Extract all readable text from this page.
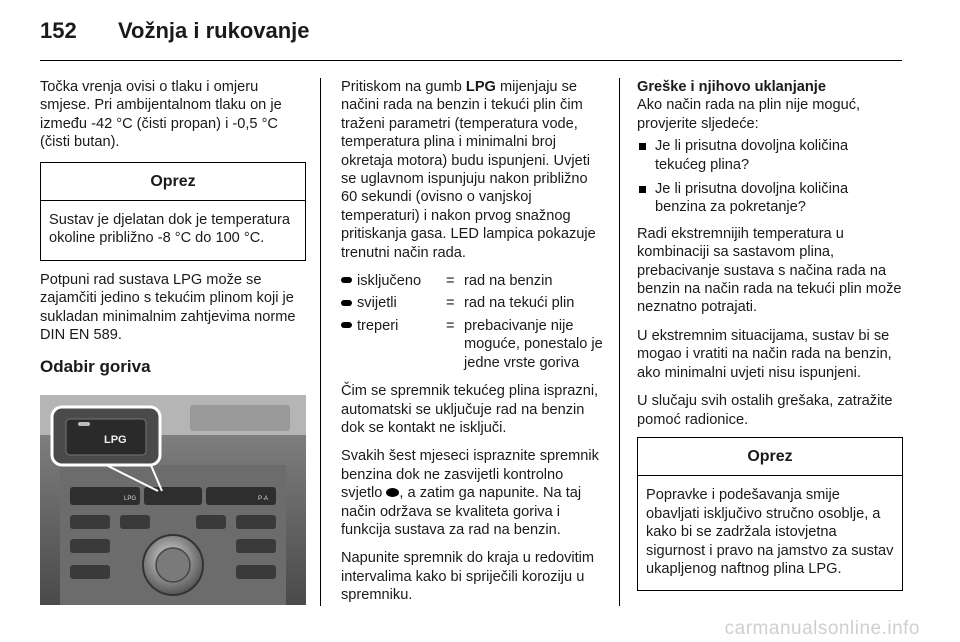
152 Vožnja i rukovanje

Točka vrenja ovisi o tlaku i omjeru smjese. Pri ambijentalnom tlaku on je između -42 °C (čisti propan) i -0,5 °C (čisti butan).

Oprez
Sustav je djelatan dok je temperatura okoline približno -8 °C do 100 °C.

Potpuni rad sustava LPG može se zajamčiti jedino s tekućim plinom koji je sukladan minimalnim zahtjevima norme DIN EN 589.

Odabir goriva
LPG	P·A
LPG

Pritiskom na gumb LPG mijenjaju se načini rada na benzin i tekući plin čim traženi parametri (temperatura vode, temperatura plina i minimalni broj okretaja motora) budu ispunjeni. Uvjeti se uglavnom ispunjuju nakon približno 60 sekundi (ovisno o vanjskoj temperaturi) i nakon prvog snažnog pritiskanja gasa. LED lampica pokazuje trenutni način rada.

isključeno	=	rad na benzin
svijetli	=	rad na tekući plin
treperi	=	prebacivanje nije moguće, ponestalo je jedne vrste goriva

Čim se spremnik tekućeg plina isprazni, automatski se uključuje rad na benzin dok se kontakt ne isključi.

Svakih šest mjeseci ispraznite spremnik benzina dok ne zasvijetli kontrolno svjetlo , a zatim ga napunite. Na taj način održava se kvaliteta goriva i funkcija sustava za rad na benzin.

Napunite spremnik do kraja u redovitim intervalima kako bi spriječili koroziju u spremniku.

Greške i njihovo uklanjanje
Ako način rada na plin nije moguć, provjerite sljedeće:
	Je li prisutna dovoljna količina tekućeg plina?
	Je li prisutna dovoljna količina benzina za pokretanje?

Radi ekstremnijih temperatura u kombinaciji sa sastavom plina, prebacivanje sustava s načina rada na benzin na način rada na tekući plin može neznatno potrajati.

U ekstremnim situacijama, sustav bi se mogao i vratiti na način rada na benzin, ako minimalni uvjeti nisu ispunjeni.

U slučaju svih ostalih grešaka, zatražite pomoć radionice.

Oprez
Popravke i podešavanja smije obavljati isključivo stručno osoblje, a kako bi se zadržala istovjetna sigurnost i pravo na jamstvo za sustav ukapljenog naftnog plina LPG.
carmanualsonline.info
